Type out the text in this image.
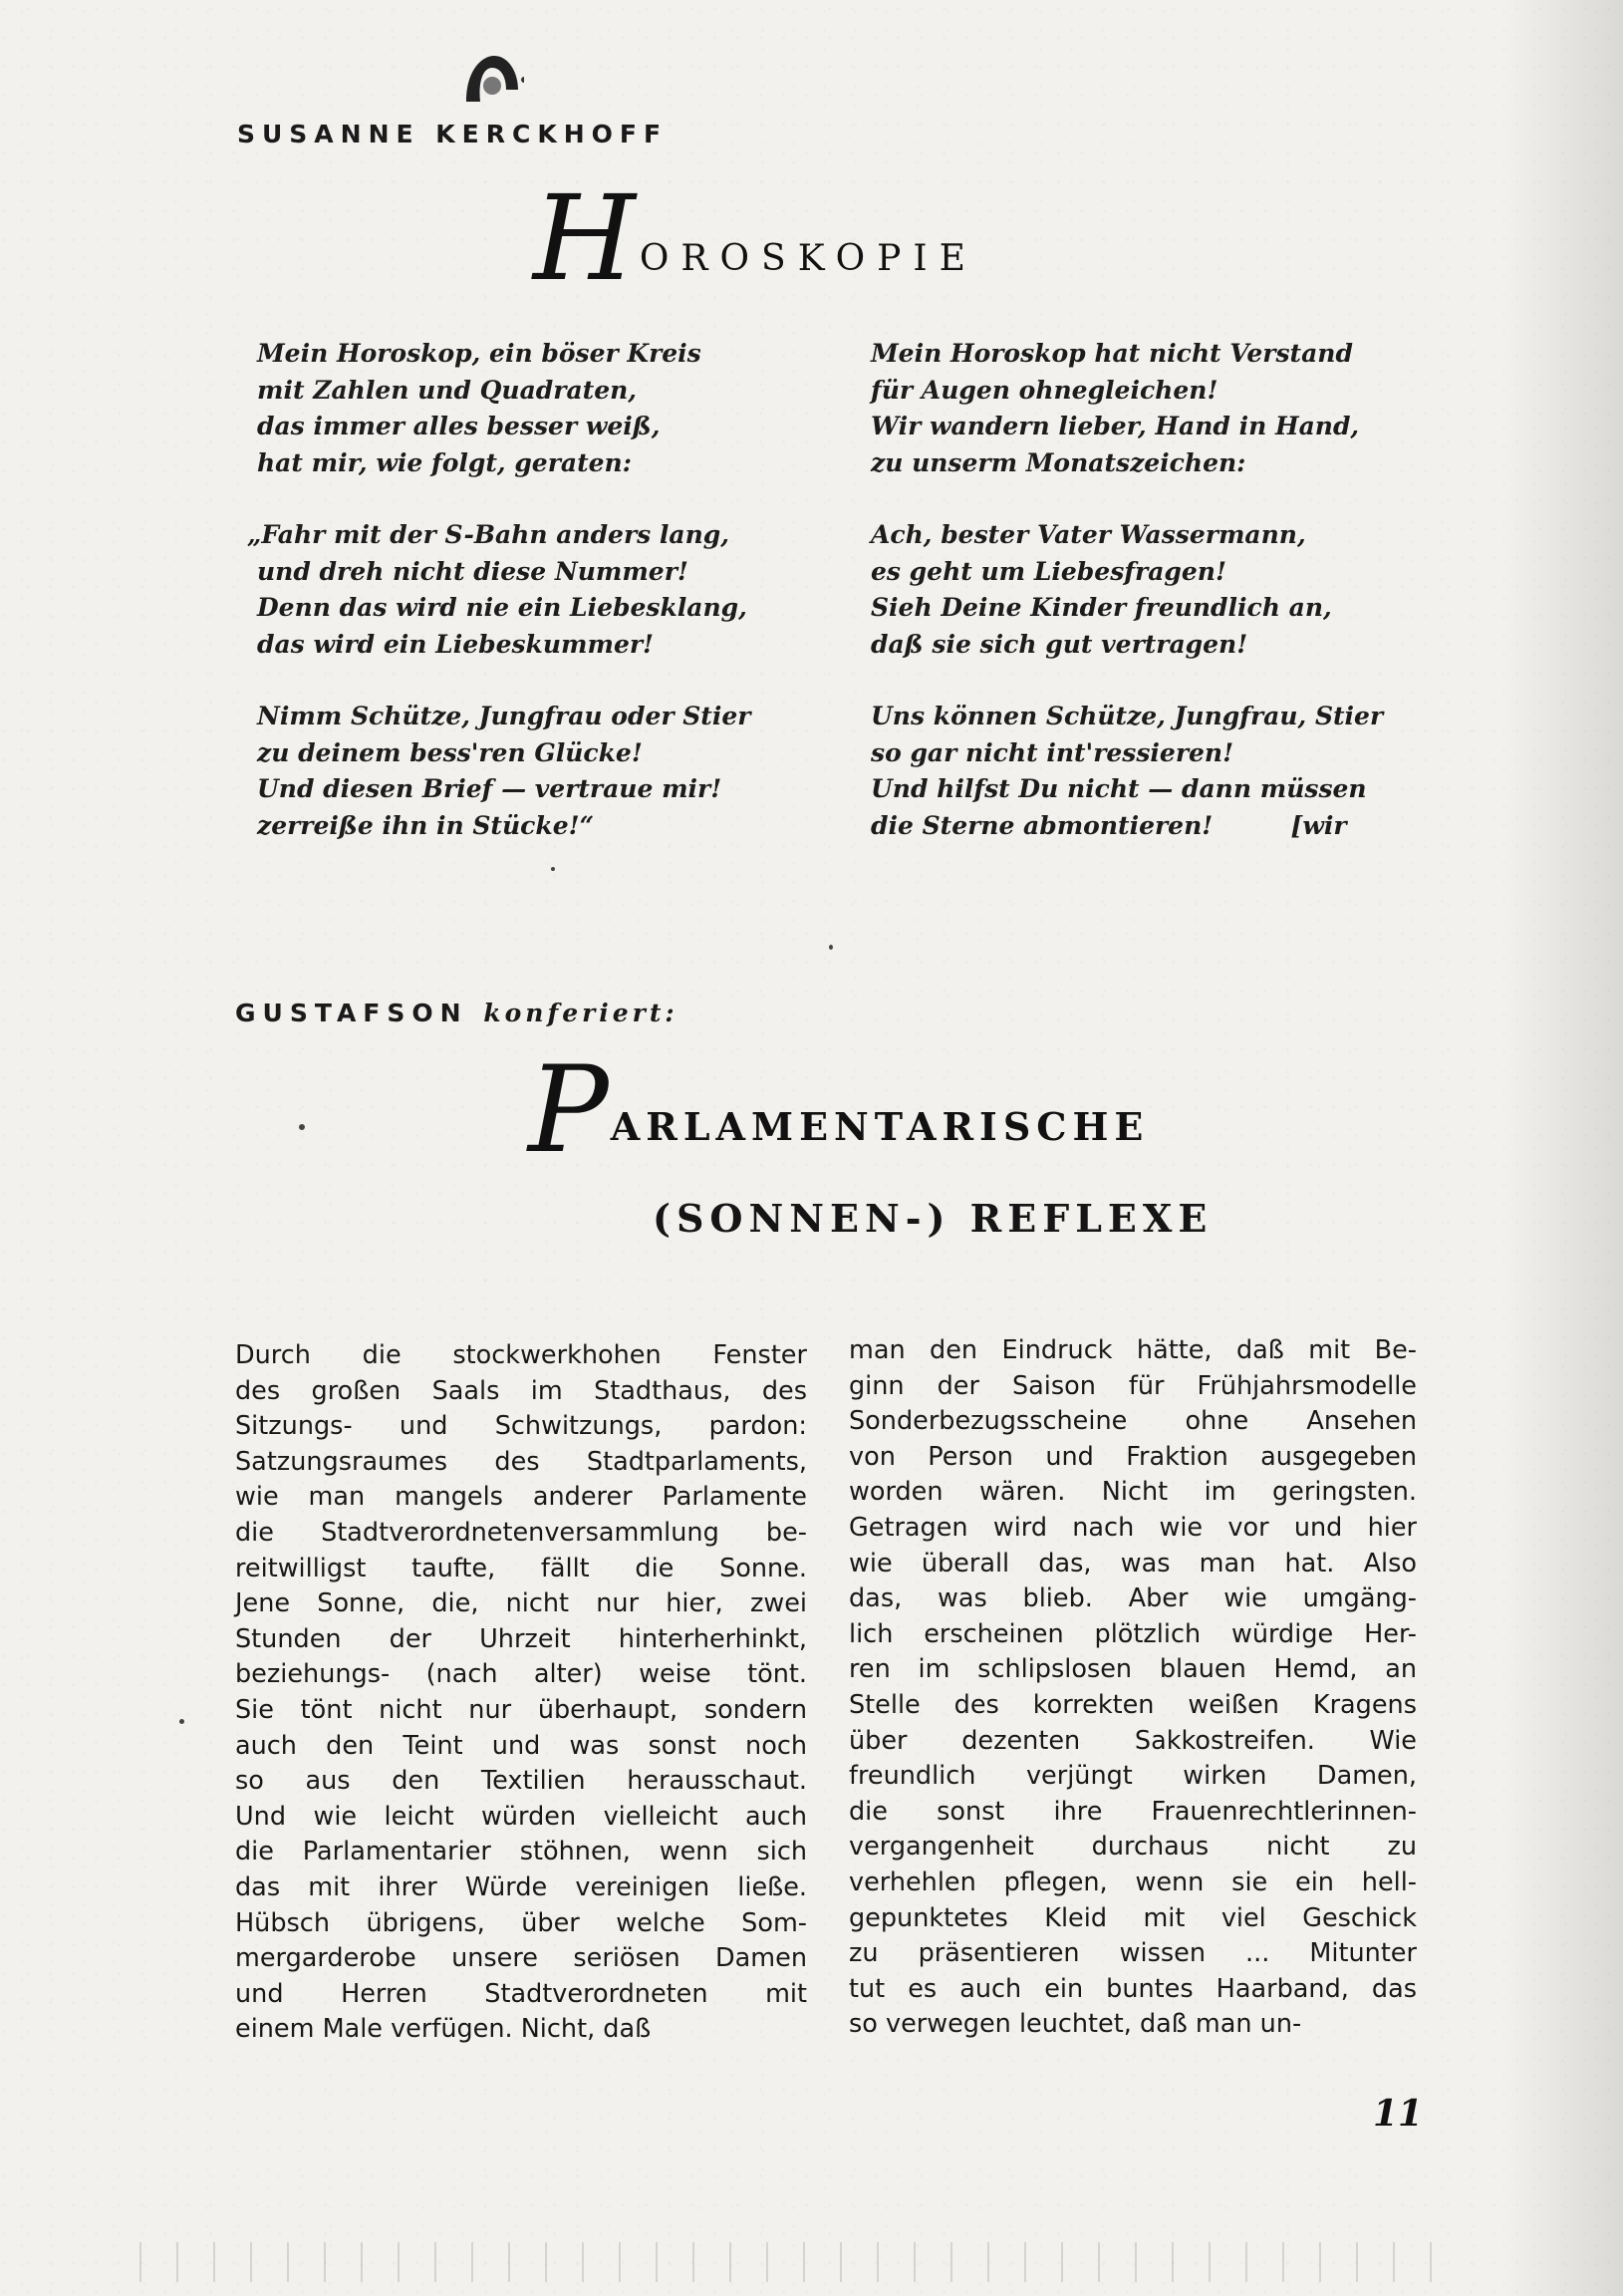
SUSANNE KERCKHOFF
H OROSKOPIE
Mein Horoskop, ein böser Kreis
mit Zahlen und Quadraten,
das immer alles besser weiß,
hat mir, wie folgt, geraten:
„Fahr mit der S-Bahn anders lang,
und dreh nicht diese Nummer!
Denn das wird nie ein Liebesklang,
das wird ein Liebeskummer!
Nimm Schütze, Jungfrau oder Stier
zu deinem bess'ren Glücke!
Und diesen Brief — vertraue mir!
zerreiße ihn in Stücke!“
Mein Horoskop hat nicht Verstand
für Augen ohnegleichen!
Wir wandern lieber, Hand in Hand,
zu unserm Monatszeichen:
Ach, bester Vater Wassermann,
es geht um Liebesfragen!
Sieh Deine Kinder freundlich an,
daß sie sich gut vertragen!
Uns können Schütze, Jungfrau, Stier
so gar nicht int'ressieren!
Und hilfst Du nicht — dann müssen
die Sterne abmontieren!         [wir
GUSTAFSON konferiert:
P ARLAMENTARISCHE
(SONNEN-) REFLEXE
Durch die stockwerkhohen Fenster
des großen Saals im Stadthaus, des
Sitzungs- und Schwitzungs, pardon:
Satzungsraumes des Stadtparlaments,
wie man mangels anderer Parlamente
die Stadtverordnetenversammlung be-
reitwilligst taufte, fällt die Sonne.
Jene Sonne, die, nicht nur hier, zwei
Stunden der Uhrzeit hinterherhinkt,
beziehungs- (nach alter) weise tönt.
Sie tönt nicht nur überhaupt, sondern
auch den Teint und was sonst noch
so aus den Textilien herausschaut.
Und wie leicht würden vielleicht auch
die Parlamentarier stöhnen, wenn sich
das mit ihrer Würde vereinigen ließe.
Hübsch übrigens, über welche Som-
mergarderobe unsere seriösen Damen
und Herren Stadtverordneten mit
einem Male verfügen. Nicht, daß
man den Eindruck hätte, daß mit Be-
ginn der Saison für Frühjahrsmodelle
Sonderbezugsscheine ohne Ansehen
von Person und Fraktion ausgegeben
worden wären. Nicht im geringsten.
Getragen wird nach wie vor und hier
wie überall das, was man hat. Also
das, was blieb. Aber wie umgäng-
lich erscheinen plötzlich würdige Her-
ren im schlipslosen blauen Hemd, an
Stelle des korrekten weißen Kragens
über dezenten Sakkostreifen. Wie
freundlich verjüngt wirken Damen,
die sonst ihre Frauenrechtlerinnen-
vergangenheit durchaus nicht zu
verhehlen pflegen, wenn sie ein hell-
gepunktetes Kleid mit viel Geschick
zu präsentieren wissen ... Mitunter
tut es auch ein buntes Haarband, das
so verwegen leuchtet, daß man un-
11
